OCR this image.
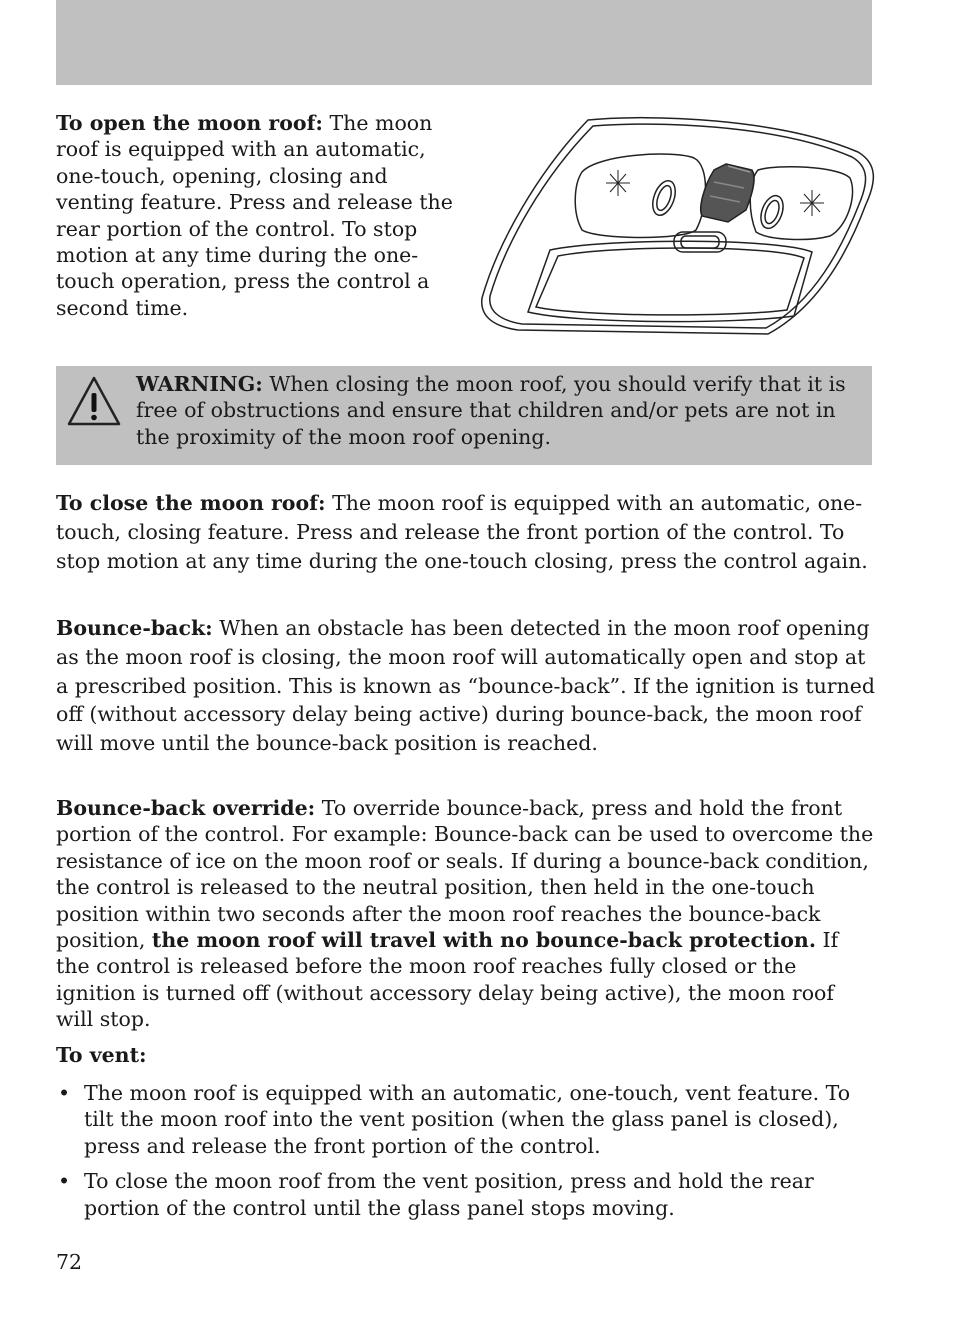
To open the moon roof: The moon roof is equipped with an automatic, one-touch, opening, closing and venting feature. Press and release the rear portion of the control. To stop motion at any time during the one-touch operation, press the control a second time.
WARNING: When closing the moon roof, you should verify that it is free of obstructions and ensure that children and/or pets are not in the proximity of the moon roof opening.
To close the moon roof: The moon roof is equipped with an automatic, one-touch, closing feature. Press and release the front portion of the control. To stop motion at any time during the one-touch closing, press the control again.
Bounce-back: When an obstacle has been detected in the moon roof opening as the moon roof is closing, the moon roof will automatically open and stop at a prescribed position. This is known as “bounce-back”. If the ignition is turned off (without accessory delay being active) during bounce-back, the moon roof will move until the bounce-back position is reached.
Bounce-back override: To override bounce-back, press and hold the front portion of the control. For example: Bounce-back can be used to overcome the resistance of ice on the moon roof or seals. If during a bounce-back condition, the control is released to the neutral position, then held in the one-touch position within two seconds after the moon roof reaches the bounce-back position, the moon roof will travel with no bounce-back protection. If the control is released before the moon roof reaches fully closed or the ignition is turned off (without accessory delay being active), the moon roof will stop.
To vent:
• The moon roof is equipped with an automatic, one-touch, vent feature. To tilt the moon roof into the vent position (when the glass panel is closed), press and release the front portion of the control.
• To close the moon roof from the vent position, press and hold the rear portion of the control until the glass panel stops moving.
72
